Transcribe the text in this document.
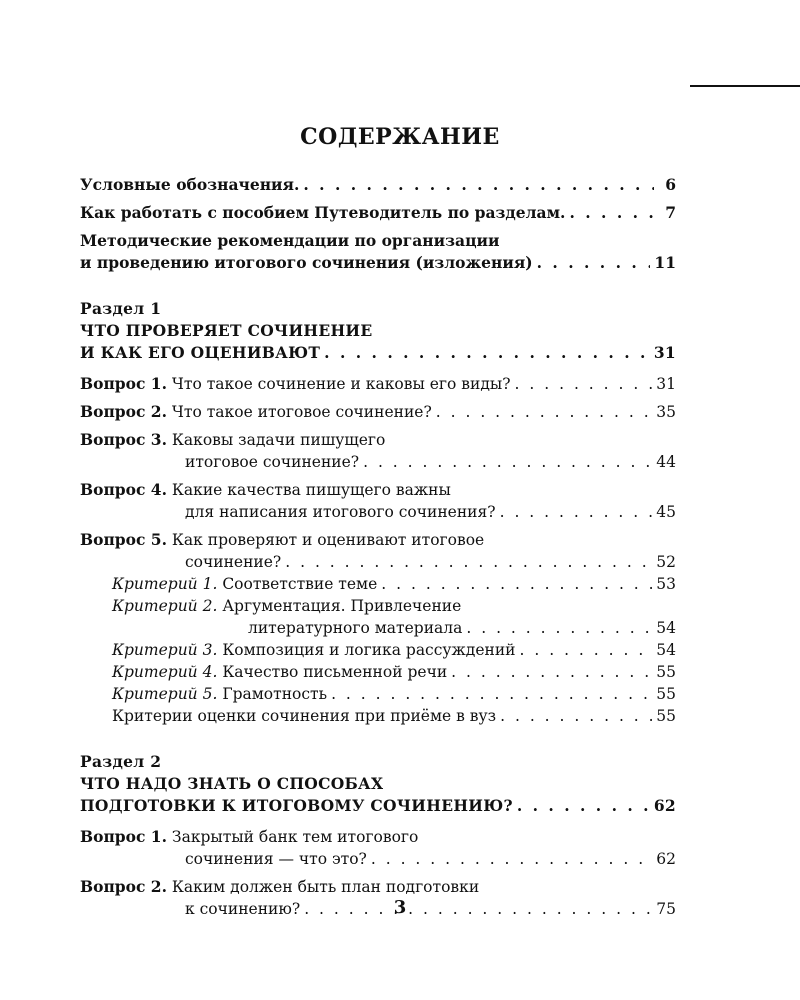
СОДЕРЖАНИЕ
Условные обозначения. . . .	6
Как работать с пособием Путеводитель по разделам. . . .	7
Методические рекомендации по организации
и проведению итогового сочинения (изложения) . . .	11
Раздел 1
ЧТО ПРОВЕРЯЕТ СОЧИНЕНИЕ
И КАК ЕГО ОЦЕНИВАЮТ . . .	31
Вопрос 1.
Что такое сочинение и каковы его виды? . . .	31
Вопрос 2.
Что такое итоговое сочинение? . . .	35
Вопрос 3.
Каковы задачи пишущего
итоговое сочинение? . . .	44
Вопрос 4.
Какие качества пишущего важны
для написания итогового сочинения? . . .	45
Вопрос 5.
Как проверяют и оценивают итоговое
сочинение? . . .	52
Критерий 1.
Соответствие теме . . .	53
Критерий 2.
Аргументация. Привлечение
литературного материала . . .	54
Критерий 3.
Композиция и логика рассуждений . . .	54
Критерий 4.
Качество письменной речи . . .	55
Критерий 5.
Грамотность . . .	55
Критерии оценки сочинения при приёме в вуз . . .	55
Раздел 2
ЧТО НАДО ЗНАТЬ О СПОСОБАХ
ПОДГОТОВКИ К ИТОГОВОМУ СОЧИНЕНИЮ? . . .	62
Вопрос 1.
Закрытый банк тем итогового
сочинения — что это? . . .	62
Вопрос 2.
Каким должен быть план подготовки
к сочинению? . . .	75
3
